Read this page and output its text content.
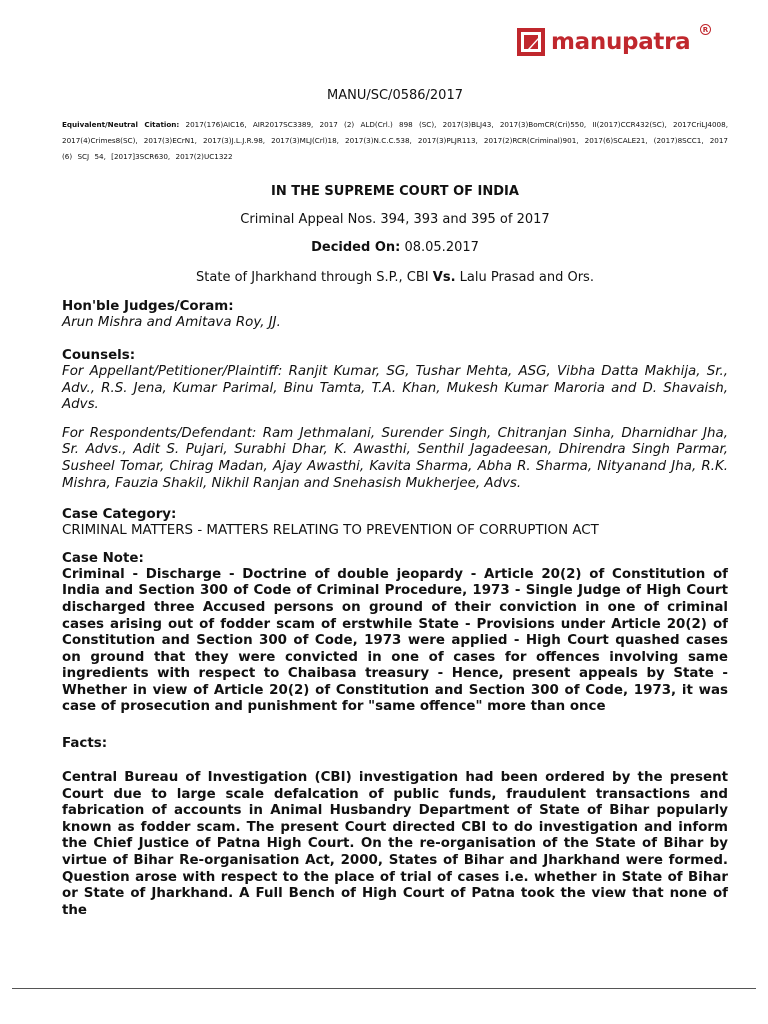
manupatra	R
MANU/SC/0586/2017
Equivalent/Neutral Citation: 2017(176)AIC16, AIR2017SC3389, 2017 (2) ALD(Crl.) 898 (SC), 2017(3)BLJ43, 2017(3)BomCR(Cri)550, II(2017)CCR432(SC), 2017CriLJ4008, 2017(4)Crimes8(SC), 2017(3)ECrN1, 2017(3)J.L.J.R.98, 2017(3)MLJ(Crl)18, 2017(3)N.C.C.538, 2017(3)PLJR113, 2017(2)RCR(Criminal)901, 2017(6)SCALE21, (2017)8SCC1, 2017 (6) SCJ 54, [2017]3SCR630, 2017(2)UC1322
IN THE SUPREME COURT OF INDIA
Criminal Appeal Nos. 394, 393 and 395 of 2017
Decided On: 08.05.2017
State of Jharkhand through S.P., CBI Vs. Lalu Prasad and Ors.
Hon'ble Judges/Coram:
Arun Mishra and Amitava Roy, JJ.
Counsels:
For Appellant/Petitioner/Plaintiff: Ranjit Kumar, SG, Tushar Mehta, ASG, Vibha Datta Makhija, Sr., Adv., R.S. Jena, Kumar Parimal, Binu Tamta, T.A. Khan, Mukesh Kumar Maroria and D. Shavaish, Advs.
For Respondents/Defendant: Ram Jethmalani, Surender Singh, Chitranjan Sinha, Dharnidhar Jha, Sr. Advs., Adit S. Pujari, Surabhi Dhar, K. Awasthi, Senthil Jagadeesan, Dhirendra Singh Parmar, Susheel Tomar, Chirag Madan, Ajay Awasthi, Kavita Sharma, Abha R. Sharma, Nityanand Jha, R.K. Mishra, Fauzia Shakil, Nikhil Ranjan and Snehasish Mukherjee, Advs.
Case Category:
CRIMINAL MATTERS - MATTERS RELATING TO PREVENTION OF CORRUPTION ACT
Case Note:
Criminal - Discharge - Doctrine of double jeopardy - Article 20(2) of Constitution of India and Section 300 of Code of Criminal Procedure, 1973 - Single Judge of High Court discharged three Accused persons on ground of their conviction in one of criminal cases arising out of fodder scam of erstwhile State - Provisions under Article 20(2) of Constitution and Section 300 of Code, 1973 were applied - High Court quashed cases on ground that they were convicted in one of cases for offences involving same ingredients with respect to Chaibasa treasury - Hence, present appeals by State - Whether in view of Article 20(2) of Constitution and Section 300 of Code, 1973, it was case of prosecution and punishment for "same offence" more than once
Facts:
Central Bureau of Investigation (CBI) investigation had been ordered by the present Court due to large scale defalcation of public funds, fraudulent transactions and fabrication of accounts in Animal Husbandry Department of State of Bihar popularly known as fodder scam. The present Court directed CBI to do investigation and inform the Chief Justice of Patna High Court. On the re-organisation of the State of Bihar by virtue of Bihar Re-organisation Act, 2000, States of Bihar and Jharkhand were formed. Question arose with respect to the place of trial of cases i.e. whether in State of Bihar or State of Jharkhand. A Full Bench of High Court of Patna took the view that none of the
